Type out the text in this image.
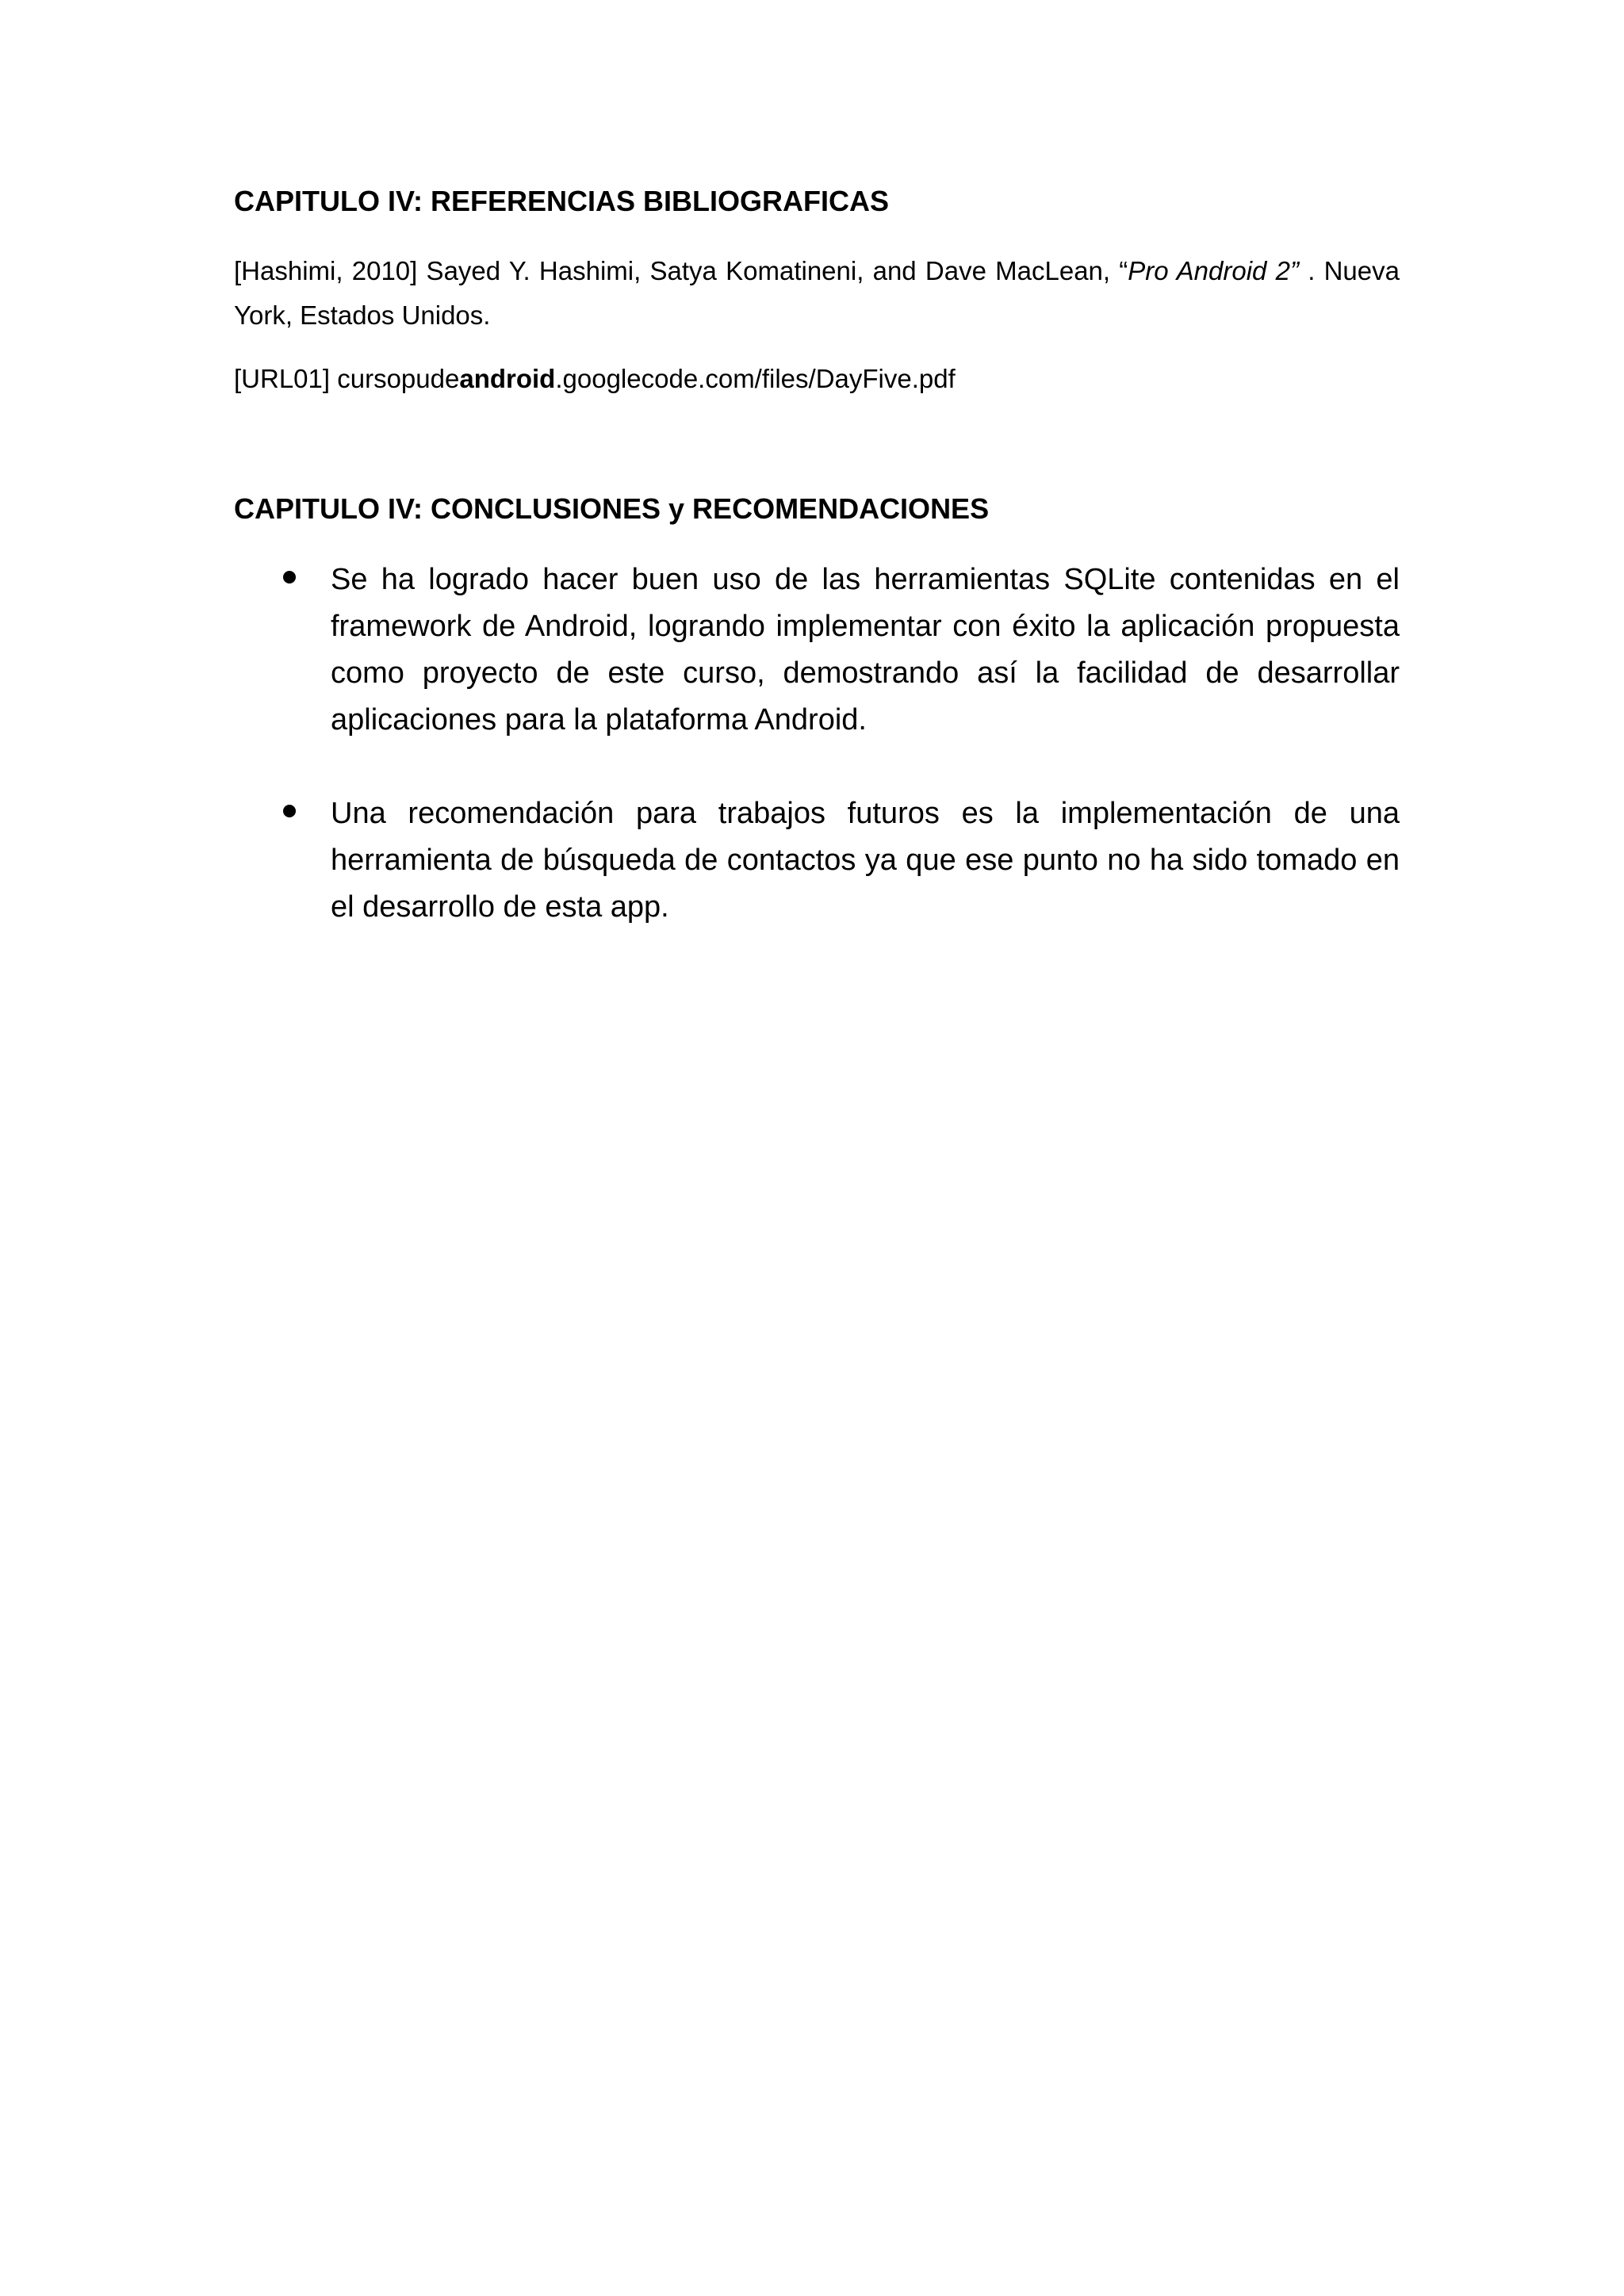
CAPITULO IV: REFERENCIAS BIBLIOGRAFICAS

[Hashimi, 2010] Sayed Y. Hashimi, Satya Komatineni, and Dave MacLean, “Pro Android 2” . Nueva York, Estados Unidos.

[URL01] cursopudeandroid.googlecode.com/files/DayFive.pdf

CAPITULO IV: CONCLUSIONES y RECOMENDACIONES
Se ha logrado hacer buen uso de las herramientas SQLite contenidas en el framework de Android, logrando implementar con éxito la aplicación propuesta como proyecto de este curso, demostrando así la facilidad de desarrollar aplicaciones para la plataforma Android.
Una recomendación para trabajos futuros es la implementación de una herramienta de búsqueda de contactos ya que ese punto no ha sido tomado en el desarrollo de esta app.
